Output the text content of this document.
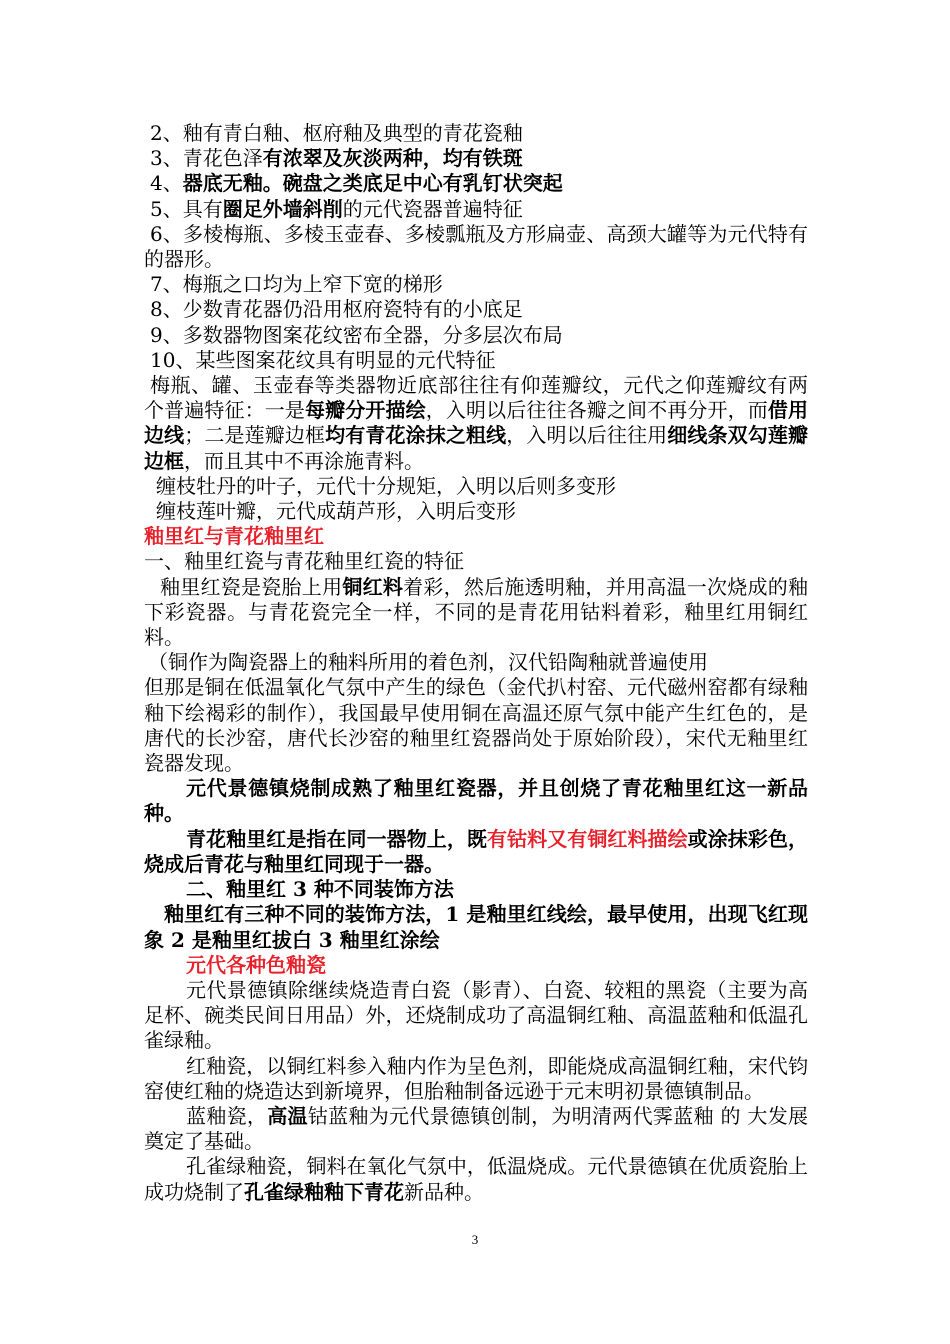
2、釉有青白釉、枢府釉及典型的青花瓷釉
3、青花色泽有浓翠及灰淡两种，均有铁斑
4、器底无釉。碗盘之类底足中心有乳钉状突起
5、具有圈足外墙斜削的元代瓷器普遍特征

6、多棱梅瓶、多棱玉壶春、多棱瓢瓶及方形扁壶、高颈大罐等为元代特有的器形。

7、梅瓶之口均为上窄下宽的梯形
8、少数青花器仍沿用枢府瓷特有的小底足
9、多数器物图案花纹密布全器，分多层次布局
10、某些图案花纹具有明显的元代特征

梅瓶、罐、玉壶春等类器物近底部往往有仰莲瓣纹，元代之仰莲瓣纹有两个普遍特征：一是每瓣分开描绘，入明以后往往各瓣之间不再分开，而借用边线；二是莲瓣边框均有青花涂抹之粗线，入明以后往往用细线条双勾莲瓣边框，而且其中不再涂施青料。

缠枝牡丹的叶子，元代十分规矩，入明以后则多变形
缠枝莲叶瓣，元代成葫芦形，入明后变形
釉里红与青花釉里红
一、釉里红瓷与青花釉里红瓷的特征

釉里红瓷是瓷胎上用铜红料着彩，然后施透明釉，并用高温一次烧成的釉下彩瓷器。与青花瓷完全一样，不同的是青花用钴料着彩，釉里红用铜红料。

（铜作为陶瓷器上的釉料所用的着色剂，汉代铅陶釉就普遍使用

但那是铜在低温氧化气氛中产生的绿色（金代扒村窑、元代磁州窑都有绿釉釉下绘褐彩的制作），我国最早使用铜在高温还原气氛中能产生红色的，是唐代的长沙窑，唐代长沙窑的釉里红瓷器尚处于原始阶段），宋代无釉里红瓷器发现。

元代景德镇烧制成熟了釉里红瓷器，并且创烧了青花釉里红这一新品种。

青花釉里红是指在同一器物上，既有钴料又有铜红料描绘或涂抹彩色，烧成后青花与釉里红同现于一器。

二、釉里红 3 种不同装饰方法

釉里红有三种不同的装饰方法，1 是釉里红线绘，最早使用，出现飞红现象 2 是釉里红拔白 3 釉里红涂绘

元代各种色釉瓷

元代景德镇除继续烧造青白瓷（影青）、白瓷、较粗的黑瓷（主要为高足杯、碗类民间日用品）外，还烧制成功了高温铜红釉、高温蓝釉和低温孔雀绿釉。

红釉瓷，以铜红料参入釉内作为呈色剂，即能烧成高温铜红釉，宋代钧窑使红釉的烧造达到新境界，但胎釉制备远逊于元末明初景德镇制品。

蓝釉瓷，高温钴蓝釉为元代景德镇创制，为明清两代霁蓝釉 的 大发展奠定了基础。

孔雀绿釉瓷，铜料在氧化气氛中，低温烧成。元代景德镇在优质瓷胎上成功烧制了孔雀绿釉釉下青花新品种。

3
